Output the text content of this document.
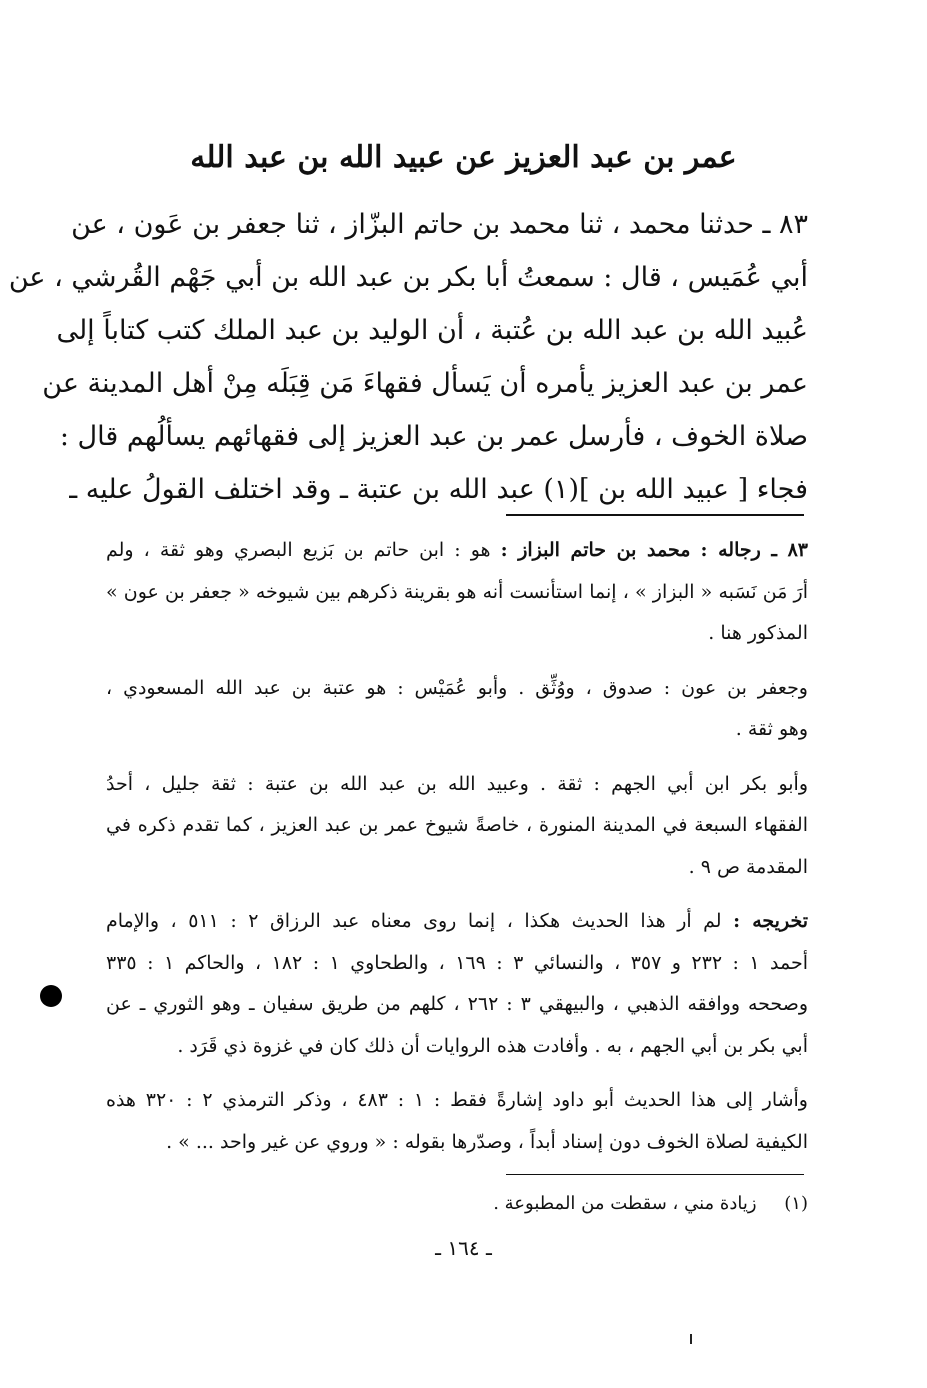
عمر بن عبد العزيز عن عبيد الله بن عبد الله
٨٣ ـ حدثنا محمد ، ثنا محمد بن حاتم البزّاز ، ثنا جعفر بن عَون ، عن
أبي عُمَيس ، قال : سمعتُ أبا بكر بن عبد الله بن أبي جَهْم القُرشي ، عن
عُبيد الله بن عبد الله بن عُتبة ، أن الوليد بن عبد الملك كتب كتاباً إلى
عمر بن عبد العزيز يأمره أن يَسأل فقهاءَ مَن قِبَلَه مِنْ أهل المدينة عن
صلاة الخوف ، فأرسل عمر بن عبد العزيز إلى فقهائهم يسألُهم قال :
فجاء [ عبيد الله بن ](١) عبد الله بن عتبة ـ وقد اختلف القولُ عليه ـ
٨٣ ـ رجاله : محمد بن حاتم البزاز : هو : ابن حاتم بن بَزيع البصري وهو ثقة ، ولم
أرَ مَن نَسَبه « البزاز » ، إنما استأنست أنه هو بقرينة ذكرهم بين شيوخه « جعفر بن عون »
المذكور هنا .
وجعفر بن عون : صدوق ، ووُثِّق . وأبو عُمَيْس : هو عتبة بن عبد الله المسعودي ،
وهو ثقة .
وأبو بكر ابن أبي الجهم : ثقة . وعبيد الله بن عبد الله بن عتبة : ثقة جليل ، أحدُ
الفقهاء السبعة في المدينة المنورة ، خاصةً شيوخ عمر بن عبد العزيز ، كما تقدم ذكره في
المقدمة ص ٩ .
تخريجه : لم أر هذا الحديث هكذا ، إنما روى معناه عبد الرزاق ٢ : ٥١١ ، والإمام
أحمد ١ : ٢٣٢ و ٣٥٧ ، والنسائي ٣ : ١٦٩ ، والطحاوي ١ : ١٨٢ ، والحاكم ١ : ٣٣٥
وصححه ووافقه الذهبي ، والبيهقي ٣ : ٢٦٢ ، كلهم من طريق سفيان ـ وهو الثوري ـ عن
أبي بكر بن أبي الجهم ، به . وأفادت هذه الروايات أن ذلك كان في غزوة ذي قَرَد .
وأشار إلى هذا الحديث أبو داود إشارةً فقط : ١ : ٤٨٣ ، وذكر الترمذي ٢ : ٣٢٠ هذه
الكيفية لصلاة الخوف دون إسناد أبداً ، وصدّرها بقوله : « وروي عن غير واحد ... » .
(١) زيادة مني ، سقطت من المطبوعة .
ـ ١٦٤ ـ
